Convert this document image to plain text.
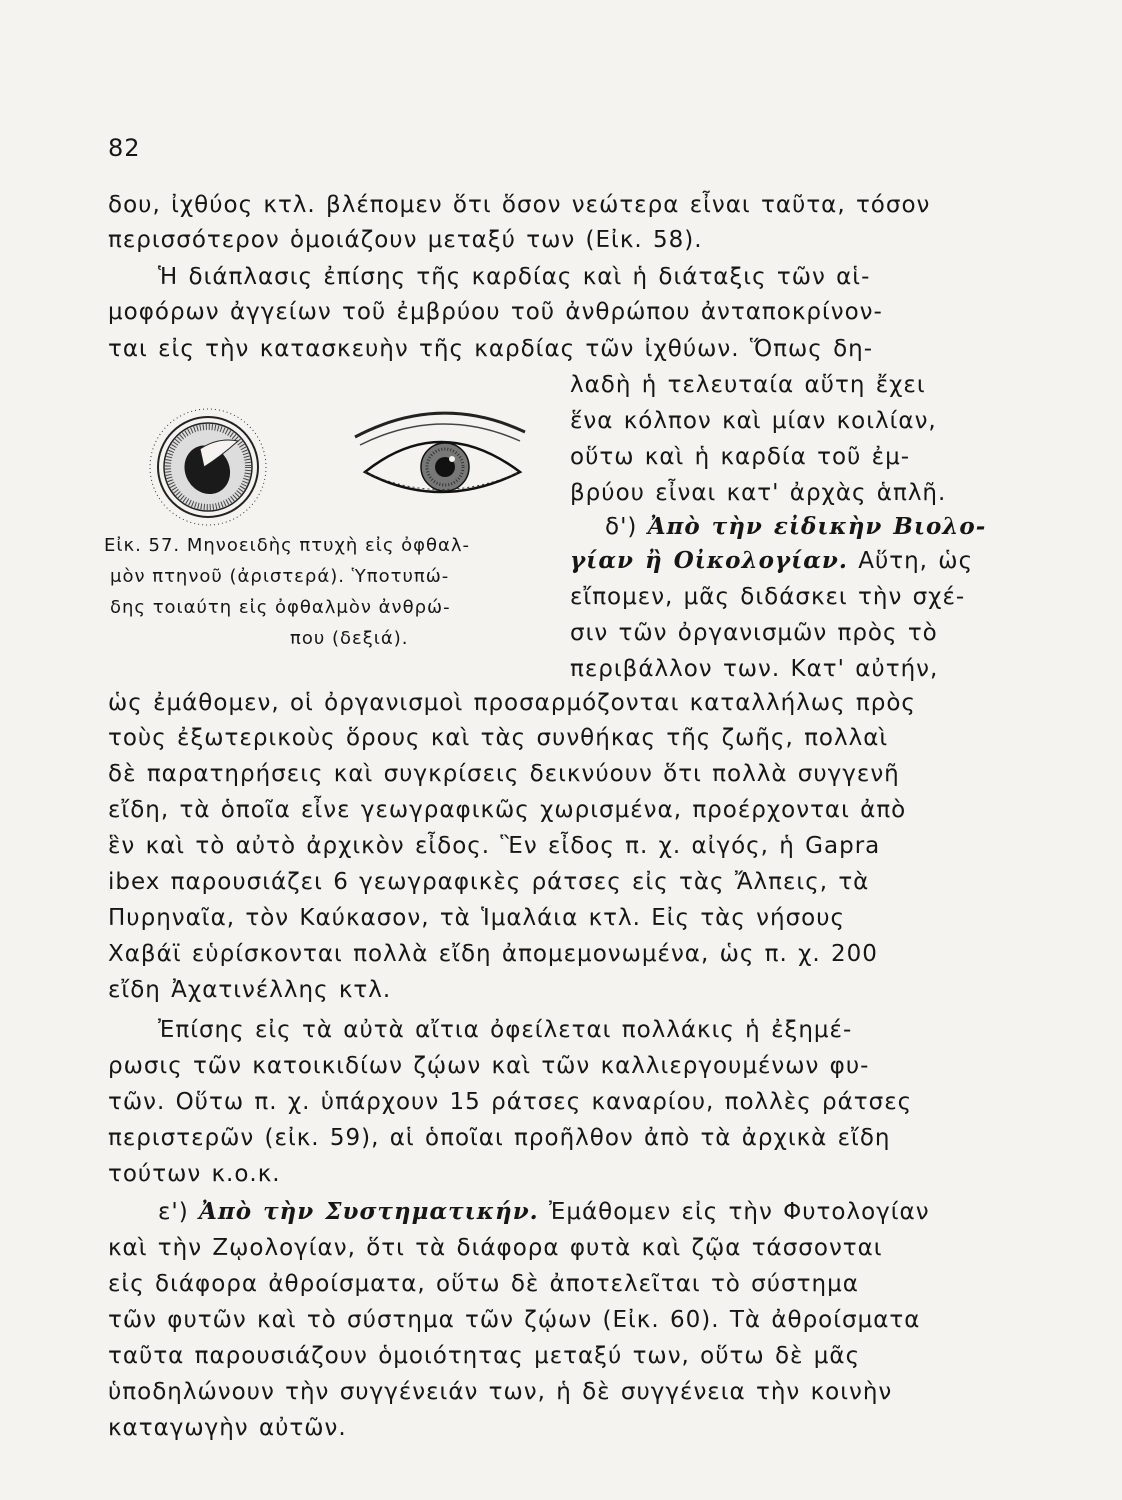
82
δου, ἰχθύος κτλ. βλέπομεν ὅτι ὅσον νεώτερα εἶναι ταῦτα, τόσον
περισσότερον ὁμοιάζουν μεταξύ των (Εἰκ. 58).
Ἡ διάπλασις ἐπίσης τῆς καρδίας καὶ ἡ διάταξις τῶν αἱ-
μοφόρων ἀγγείων τοῦ ἐμβρύου τοῦ ἀνθρώπου ἀνταποκρίνον-
ται εἰς τὴν κατασκευὴν τῆς καρδίας τῶν ἰχθύων. Ὅπως δη-
λαδὴ ἡ τελευταία αὕτη ἔχει
ἕνα κόλπον καὶ μίαν κοιλίαν,
οὕτω καὶ ἡ καρδία τοῦ ἐμ-
βρύου εἶναι κατ' ἀρχὰς ἁπλῆ.
δ') Ἀπὸ τὴν εἰδικὴν Βιολο-
γίαν ἢ Οἰκολογίαν. Αὕτη, ὡς
εἴπομεν, μᾶς διδάσκει τὴν σχέ-
σιν τῶν ὀργανισμῶν πρὸς τὸ
περιβάλλον των. Κατ' αὐτήν,
Εἰκ. 57. Μηνοειδὴς πτυχὴ εἰς ὀφθαλ-
μὸν πτηνοῦ (ἀριστερά). Ὑποτυπώ-
δης τοιαύτη εἰς ὀφθαλμὸν ἀνθρώ-
που (δεξιά).
ὡς ἐμάθομεν, οἱ ὀργανισμοὶ προσαρμόζονται καταλλήλως πρὸς
τοὺς ἐξωτερικοὺς ὅρους καὶ τὰς συνθήκας τῆς ζωῆς, πολλαὶ
δὲ παρατηρήσεις καὶ συγκρίσεις δεικνύουν ὅτι πολλὰ συγγενῆ
εἴδη, τὰ ὁποῖα εἶνε γεωγραφικῶς χωρισμένα, προέρχονται ἀπὸ
ἓν καὶ τὸ αὐτὸ ἀρχικὸν εἶδος. Ἓν εἶδος π. χ. αἰγός, ἡ Gapra
ibex παρουσιάζει 6 γεωγραφικὲς ράτσες εἰς τὰς Ἄλπεις, τὰ
Πυρηναῖα, τὸν Καύκασον, τὰ Ἱμαλάια κτλ. Εἰς τὰς νήσους
Χαβάϊ εὑρίσκονται πολλὰ εἴδη ἀπομεμονωμένα, ὡς π. χ. 200
εἴδη Ἀχατινέλλης κτλ.
Ἐπίσης εἰς τὰ αὐτὰ αἴτια ὀφείλεται πολλάκις ἡ ἐξημέ-
ρωσις τῶν κατοικιδίων ζῴων καὶ τῶν καλλιεργουμένων φυ-
τῶν. Οὕτω π. χ. ὑπάρχουν 15 ράτσες καναρίου, πολλὲς ράτσες
περιστερῶν (εἰκ. 59), αἱ ὁποῖαι προῆλθον ἀπὸ τὰ ἀρχικὰ εἴδη
τούτων κ.ο.κ.
ε') Ἀπὸ τὴν Συστηματικήν. Ἐμάθομεν εἰς τὴν Φυτολογίαν
καὶ τὴν Ζῳολογίαν, ὅτι τὰ διάφορα φυτὰ καὶ ζῷα τάσσονται
εἰς διάφορα ἀθροίσματα, οὕτω δὲ ἀποτελεῖται τὸ σύστημα
τῶν φυτῶν καὶ τὸ σύστημα τῶν ζῴων (Εἰκ. 60). Τὰ ἀθροίσματα
ταῦτα παρουσιάζουν ὁμοιότητας μεταξύ των, οὕτω δὲ μᾶς
ὑποδηλώνουν τὴν συγγένειάν των, ἡ δὲ συγγένεια τὴν κοινὴν
καταγωγὴν αὐτῶν.
